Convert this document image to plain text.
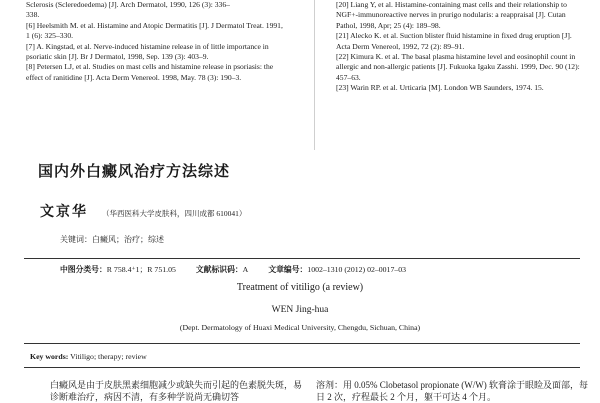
Sclerosis (Scleredoedema) [J]. Arch Dermatol, 1990, 126 (3): 336–

338.

[6] Heelsmith M. et al. Histamine and Atopic Dermatitis [J]. J Dermatol Treat. 1991, 1 (6): 325–330.

[7] A. Kingstad, et al. Nerve-induced histamine release in of little importance in psoriatic skin [J]. Br J Dermatol, 1998, Sep. 139 (3): 403–9.

[8] Petersen LJ, et al. Studies on mast cells and histamine release in psoriasis: the effect of ranitidine [J]. Acta Derm Venereol. 1998, May. 78 (3): 190–3.

[20] Liang Y, et al. Histamine-containing mast cells and their relationship to NGF+-immunoreactive nerves in prurigo nodularis: a reappraisal [J]. Cutan Pathol, 1998, Apr; 25 (4): 189–98.

[21] Alecko K. et al. Suction blister fluid histamine in fixed drug eruption [J]. Acta Derm Venereol, 1992, 72 (2): 89–91.

[22] Kimura K. et al. The basal plasma histamine level and eosinophil count in allergic and non-allergic patients [J]. Fukuoka Igaku Zasshi. 1999, Dec. 90 (12): 457–63.

[23] Warin RP. et al. Urticaria [M]. London WB Saunders, 1974. 15.

国内外白癜风治疗方法综述
文京华 （华西医科大学皮肤科，四川成都 610041）
关键词：白癜风；治疗；综述
中图分类号：R 758.4⁺1；R 751.05	文献标识码：A	文章编号：1002–1310 (2012) 02–0017–03
Treatment of vitiligo (a review)
WEN Jing-hua
(Dept. Dermatology of Huaxi Medical University, Chengdu, Sichuan, China)
Key words: Vitiligo; therapy; review
白癜风是由于皮肤黑素细胞减少或缺失而引起的色素脱失斑，易诊断难治疗，病因不清，有多种学说尚无确切答
溶剂：用 0.05% Clobetasol propionate (W/W) 软膏涂于眼睑及面部，每日 2 次，疗程最长 2 个月，躯干可达 4 个月。
